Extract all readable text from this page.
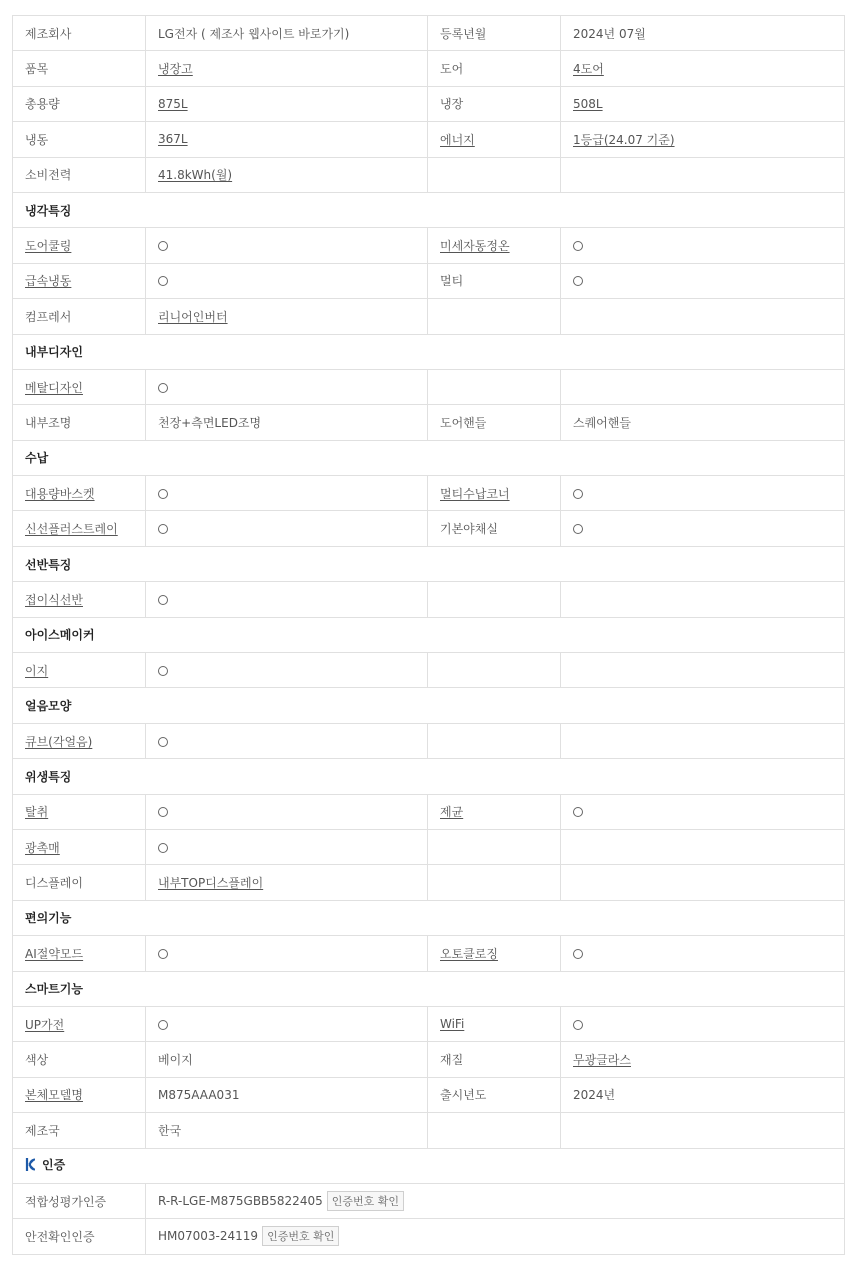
제조회사	LG전자 ( 제조사 웹사이트 바로가기)	등록년월	2024년 07월
품목	냉장고	도어	4도어
총용량	875L	냉장	508L
냉동	367L	에너지	1등급(24.07 기준)
소비전력	41.8kWh(월)		
냉각특징			
도어쿨링		미세자동정온	
급속냉동		멀티	
컴프레서	리니어인버터		
내부디자인			
메탈디자인			
내부조명	천장+측면LED조명	도어핸들	스퀘어핸들
수납			
대용량바스켓		멀티수납코너	
신선플러스트레이		기본야채실	
선반특징			
접이식선반			
아이스메이커			
이지			
얼음모양			
큐브(각얼음)			
위생특징			
탈취		제균	
광촉매			
디스플레이	내부TOP디스플레이		
편의기능			
AI절약모드		오토클로징	
스마트기능			
UP가전		WiFi	
색상	베이지	재질	무광글라스
본체모델명	M875AAA031	출시년도	2024년
제조국	한국		
인증			
적합성평가인증	R-R-LGE-M875GBB5822405 인증번호 확인		
안전확인인증	HM07003-24119 인증번호 확인		
